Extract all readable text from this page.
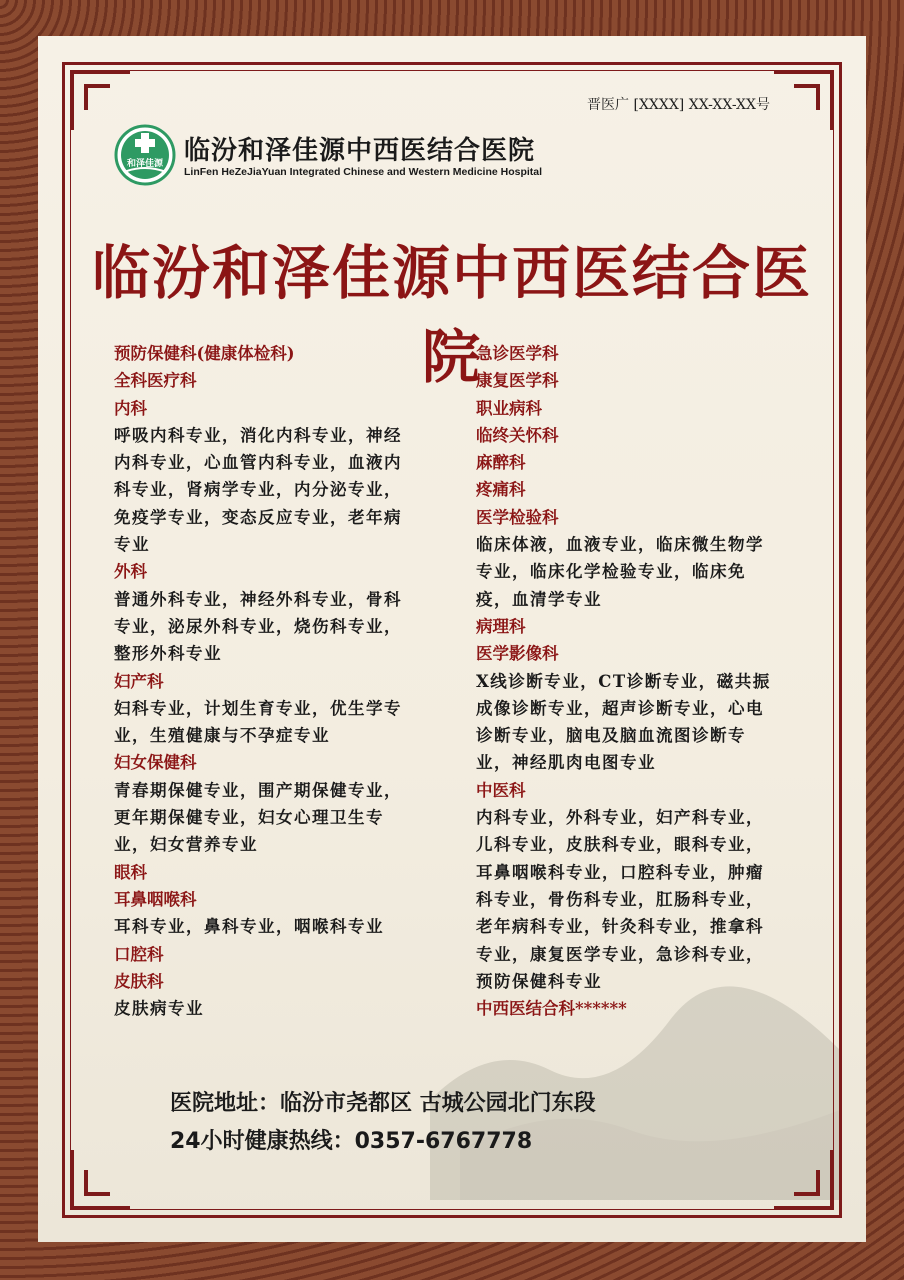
晋医广 [XXXX] XX-XX-XX号
和泽佳源 临汾和泽佳源中西医结合医院
LinFen HeZeJiaYuan Integrated Chinese and Western Medicine Hospital
临汾和泽佳源中西医结合医院
预防保健科(健康体检科)
全科医疗科
内科
呼吸内科专业，消化内科专业，神经
内科专业，心血管内科专业，血液内
科专业，肾病学专业，内分泌专业，
免疫学专业，变态反应专业，老年病
专业
外科
普通外科专业，神经外科专业，骨科
专业，泌尿外科专业，烧伤科专业，
整形外科专业
妇产科
妇科专业，计划生育专业，优生学专
业，生殖健康与不孕症专业
妇女保健科
青春期保健专业，围产期保健专业，
更年期保健专业，妇女心理卫生专
业，妇女营养专业
眼科
耳鼻咽喉科
耳科专业，鼻科专业，咽喉科专业
口腔科
皮肤科
皮肤病专业
急诊医学科
康复医学科
职业病科
临终关怀科
麻醉科
疼痛科
医学检验科
临床体液，血液专业，临床微生物学
专业，临床化学检验专业，临床免
疫，血清学专业
病理科
医学影像科
X线诊断专业，CT诊断专业，磁共振
成像诊断专业，超声诊断专业，心电
诊断专业，脑电及脑血流图诊断专
业，神经肌肉电图专业
中医科
内科专业，外科专业，妇产科专业，
儿科专业，皮肤科专业，眼科专业，
耳鼻咽喉科专业，口腔科专业，肿瘤
科专业，骨伤科专业，肛肠科专业，
老年病科专业，针灸科专业，推拿科
专业，康复医学专业，急诊科专业，
预防保健科专业
中西医结合科******
医院地址：临汾市尧都区 古城公园北门东段
24小时健康热线：0357-6767778
